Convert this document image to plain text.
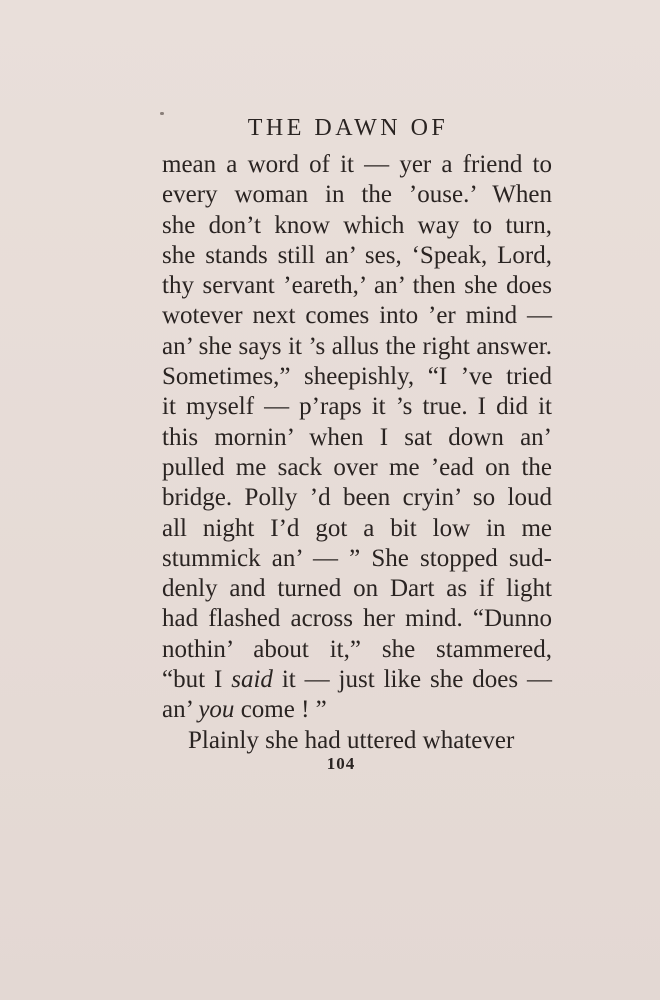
THE DAWN OF
mean a word of it — yer a friend to
every woman in the ’ouse.’ When
she don’t know which way to turn,
she stands still an’ ses, ‘Speak, Lord,
thy servant ’eareth,’ an’ then she does
wotever next comes into ’er mind —
an’ she says it ’s allus the right answer.
Sometimes,” sheepishly, “I ’ve tried
it myself — p’raps it ’s true. I did it
this mornin’ when I sat down an’
pulled me sack over me ’ead on the
bridge. Polly ’d been cryin’ so loud
all night I’d got a bit low in me
stummick an’ — ” She stopped sud-
denly and turned on Dart as if light
had flashed across her mind. “Dunno
nothin’ about it,” she stammered,
“but I said it — just like she does —
an’ you come ! ”
Plainly she had uttered whatever
104
